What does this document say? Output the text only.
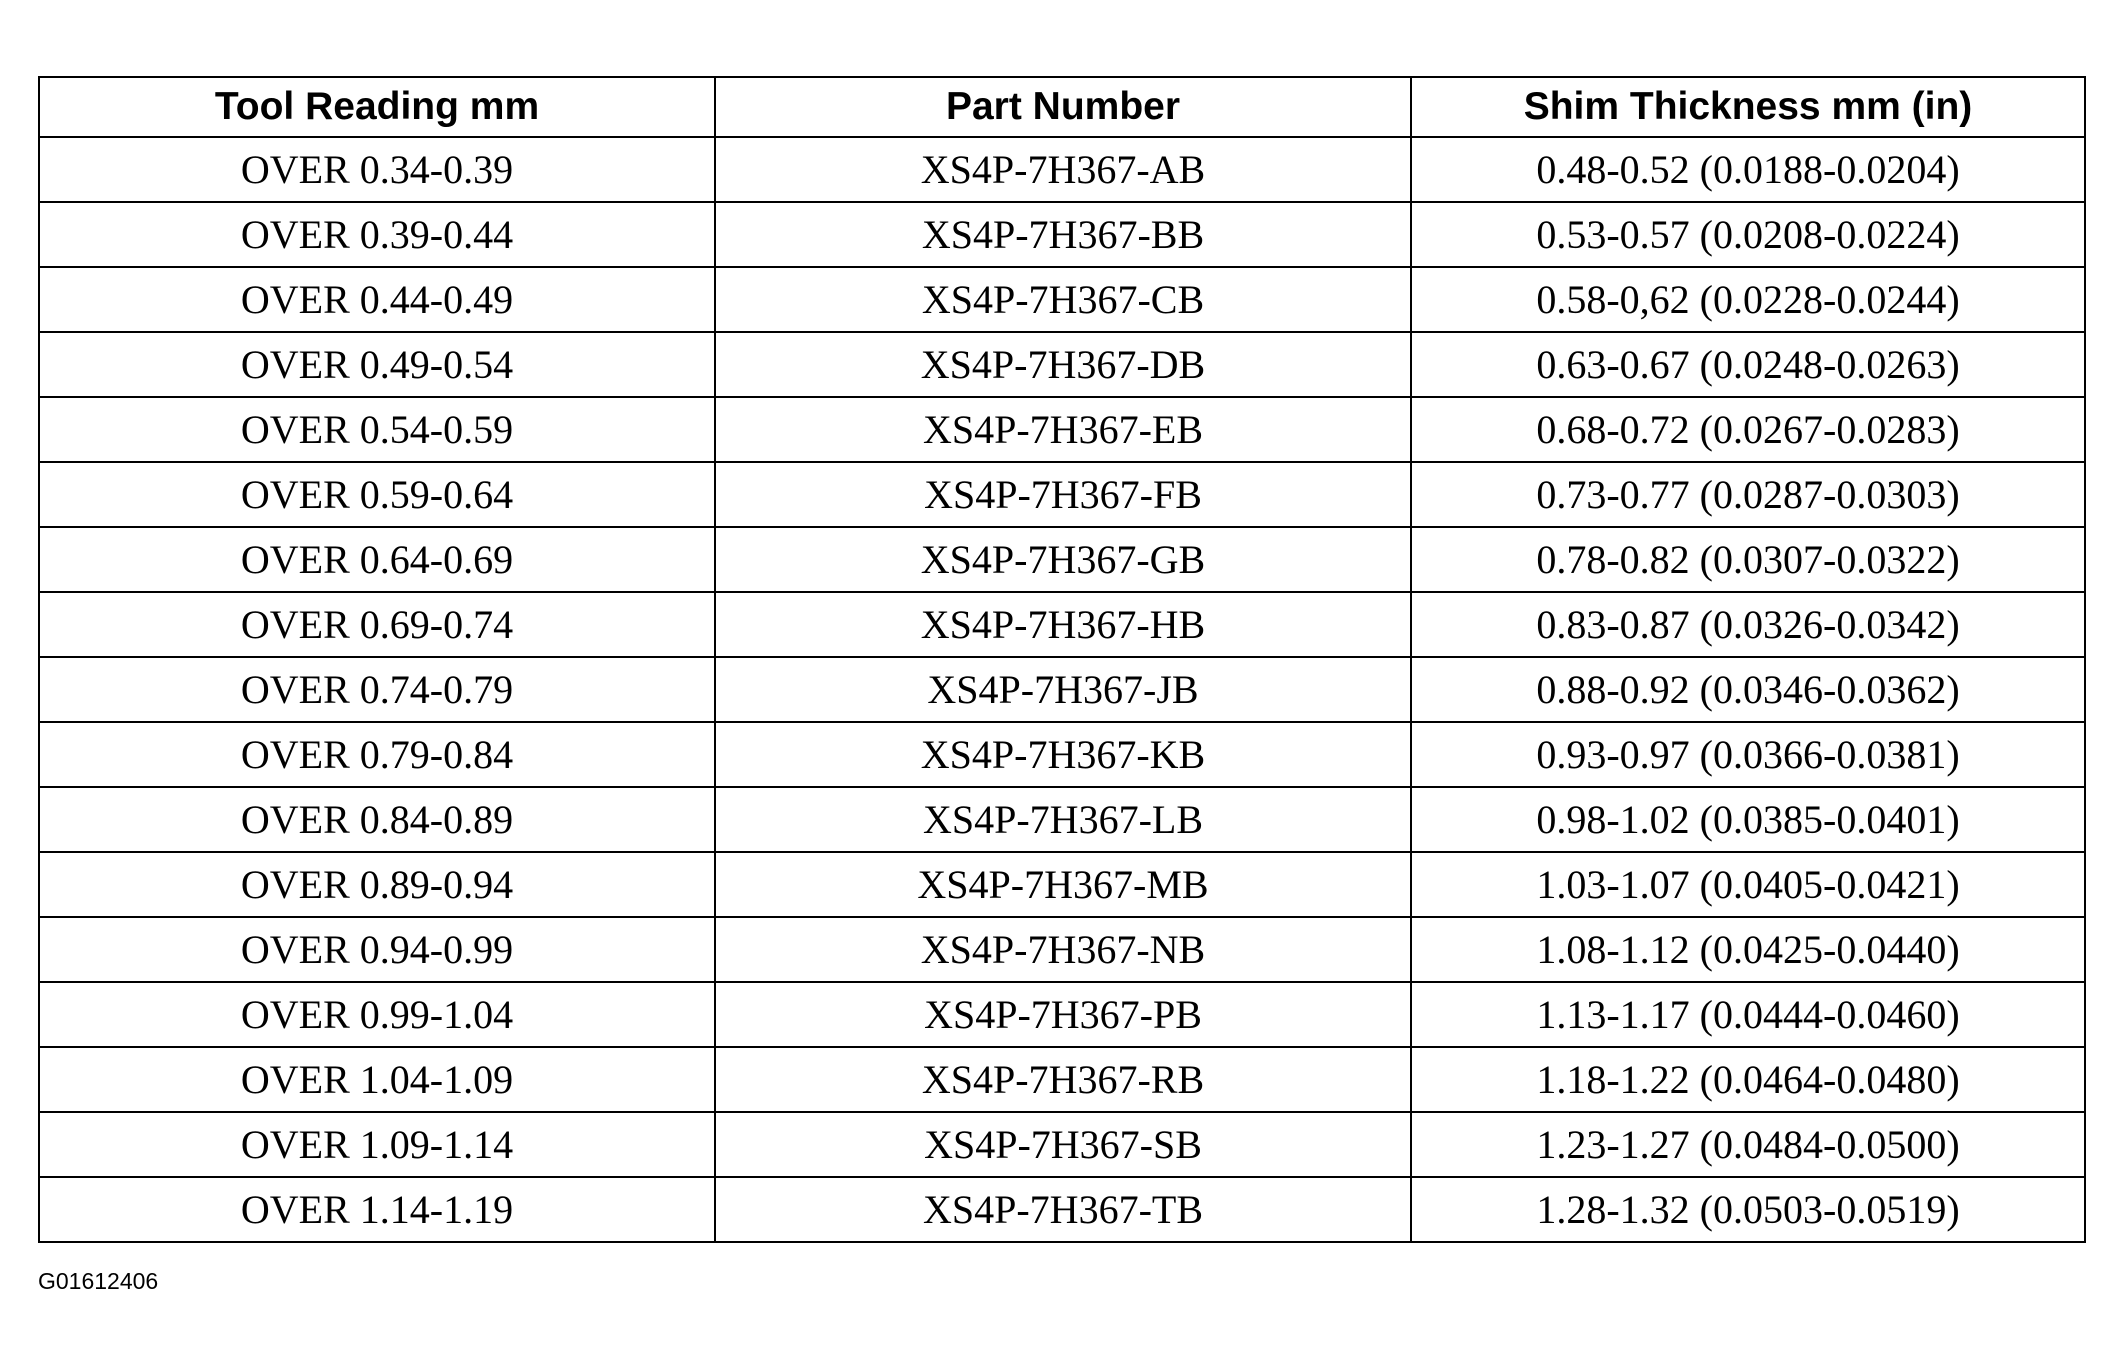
Tool Reading mm	Part Number	Shim Thickness mm (in)
OVER 0.34-0.39	XS4P-7H367-AB	0.48-0.52 (0.0188-0.0204)
OVER 0.39-0.44	XS4P-7H367-BB	0.53-0.57 (0.0208-0.0224)
OVER 0.44-0.49	XS4P-7H367-CB	0.58-0,62 (0.0228-0.0244)
OVER 0.49-0.54	XS4P-7H367-DB	0.63-0.67 (0.0248-0.0263)
OVER 0.54-0.59	XS4P-7H367-EB	0.68-0.72 (0.0267-0.0283)
OVER 0.59-0.64	XS4P-7H367-FB	0.73-0.77 (0.0287-0.0303)
OVER 0.64-0.69	XS4P-7H367-GB	0.78-0.82 (0.0307-0.0322)
OVER 0.69-0.74	XS4P-7H367-HB	0.83-0.87 (0.0326-0.0342)
OVER 0.74-0.79	XS4P-7H367-JB	0.88-0.92 (0.0346-0.0362)
OVER 0.79-0.84	XS4P-7H367-KB	0.93-0.97 (0.0366-0.0381)
OVER 0.84-0.89	XS4P-7H367-LB	0.98-1.02 (0.0385-0.0401)
OVER 0.89-0.94	XS4P-7H367-MB	1.03-1.07 (0.0405-0.0421)
OVER 0.94-0.99	XS4P-7H367-NB	1.08-1.12 (0.0425-0.0440)
OVER 0.99-1.04	XS4P-7H367-PB	1.13-1.17 (0.0444-0.0460)
OVER 1.04-1.09	XS4P-7H367-RB	1.18-1.22 (0.0464-0.0480)
OVER 1.09-1.14	XS4P-7H367-SB	1.23-1.27 (0.0484-0.0500)
OVER 1.14-1.19	XS4P-7H367-TB	1.28-1.32 (0.0503-0.0519)
G01612406
